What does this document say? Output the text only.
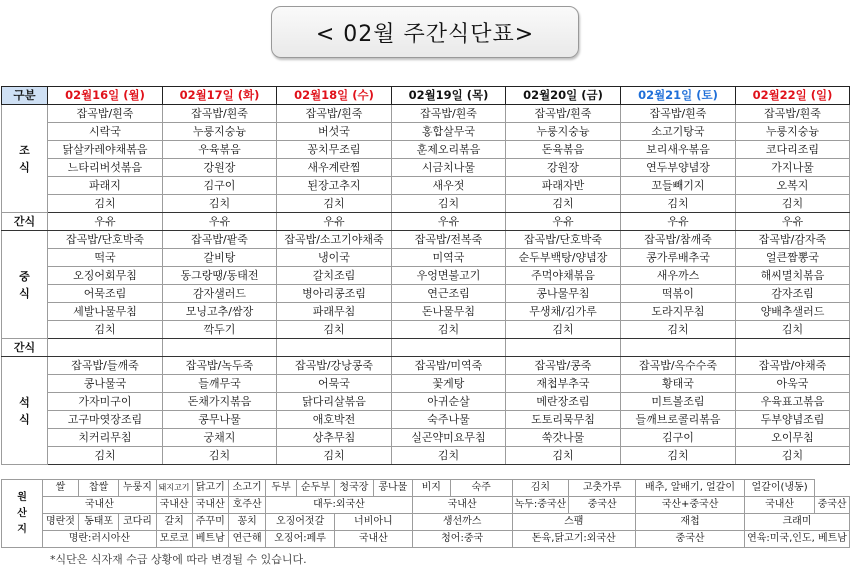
< 02월 주간식단표>
구분	02월16일 (월)	02월17일 (화)	02월18일 (수)	02월19일 (목)	02월20일 (금)	02월21일 (토)	02월22일 (일)

조
식	잡곡밥/흰죽	잡곡밥/흰죽	잡곡밥/흰죽	잡곡밥/흰죽	잡곡밥/흰죽	잡곡밥/흰죽	잡곡밥/흰죽
	시락국	누룽지숭늉	버섯국	홍합살무국	누룽지숭늉	소고기탕국	누룽지숭늉
	닭살카레야채볶음	우육볶음	꽁치무조림	훈제오리볶음	돈육볶음	보리새우볶음	코다리조림
	느타리버섯볶음	강원장	새우계란찜	시금치나물	강원장	연두부양념장	가지나물
	파래지	김구이	된장고추지	새우젓	파래자반	꼬들빼기지	오복지
	김치	김치	김치	김치	김치	김치	김치
간식	우유	우유	우유	우유	우유	우유	우유

중
식	잡곡밥/단호박죽	잡곡밥/팥죽	잡곡밥/소고기야채죽	잡곡밥/전복죽	잡곡밥/단호박죽	잡곡밥/참깨죽	잡곡밥/감자죽
	떡국	갈비탕	냉이국	미역국	순두부백탕/양념장	콩가루배추국	얼큰짬뽕국
	오징어회무침	동그랑땡/동태전	갈치조림	우엉면불고기	주먹야채볶음	새우까스	해씨멸치볶음
	어묵조림	감자샐러드	병아리콩조림	연근조림	콩나물무침	떡볶이	감자조림
	세발나물무침	모닝고추/쌈장	파래무침	돈나물무침	무생채/김가루	도라지무침	양배추샐러드
	김치	깍두기	김치	김치	김치	김치	김치
간식							

석
식	잡곡밥/들깨죽	잡곡밥/녹두죽	잡곡밥/강낭콩죽	잡곡밥/미역죽	잡곡밥/콩죽	잡곡밥/옥수수죽	잡곡밥/야채죽
	콩나물국	들깨무국	어묵국	꽃게탕	재첩부추국	황태국	아욱국
	가자미구이	돈채가지볶음	닭다리살볶음	아귀순살	메란장조림	미트볼조림	우육표고볶음
	고구마엿장조림	콩무나물	애호박전	숙주나물	도토리묵무침	들깨브로콜리볶음	두부양념조림
	치커리무침	궁채지	상추무침	실곤약미요무침	쑥갓나물	김구이	오이무침
	김치	김치	김치	김치	김치	김치	김치
원
산
지	쌀	찹쌀	누룽지	돼지고기	닭고기	소고기	두부	순두부	청국장	콩나물	비지	숙주	김치	고춧가루	배추, 알배기, 얼갈이	얼갈이(냉동)	
	국내산			국내산	국내산	호주산	대두:외국산				국내산		녹두:중국산	중국산	국산+중국산	국내산	중국산
	명란젓	동태포	코다리	갈치	주꾸미	꽁치	오징어젓갈		너비아니		생선까스		스팸		재첩	크래미	
	명란:러시아산			모로코	베트남	연근해	오징어:페루		국내산		청어:중국		돈육,닭고기:외국산		중국산	연육:미국,인도, 베트남	
*식단은 식자재 수급 상황에 따라 변경될 수 있습니다.
